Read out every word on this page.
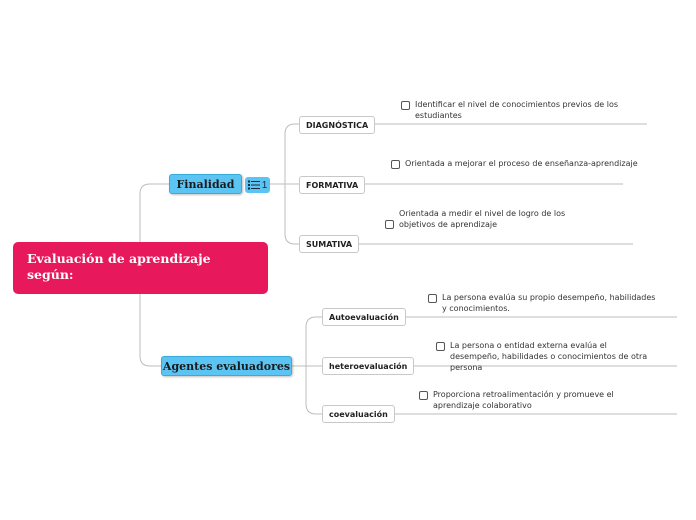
Evaluación de aprendizaje según:
Finalidad	1
Agentes evaluadores
DIAGNÓSTICA
FORMATIVA
SUMATIVA
Autoevaluación
heteroevaluación
coevaluación
Identificar el nivel de conocimientos previos de los estudiantes
Orientada a mejorar el proceso de enseñanza-aprendizaje
Orientada a medir el nivel de logro de los objetivos de aprendizaje
La persona evalúa su propio desempeño, habilidades y conocimientos.
La persona o entidad externa evalúa el desempeño, habilidades o conocimientos de otra persona
Proporciona retroalimentación y promueve el aprendizaje colaborativo
